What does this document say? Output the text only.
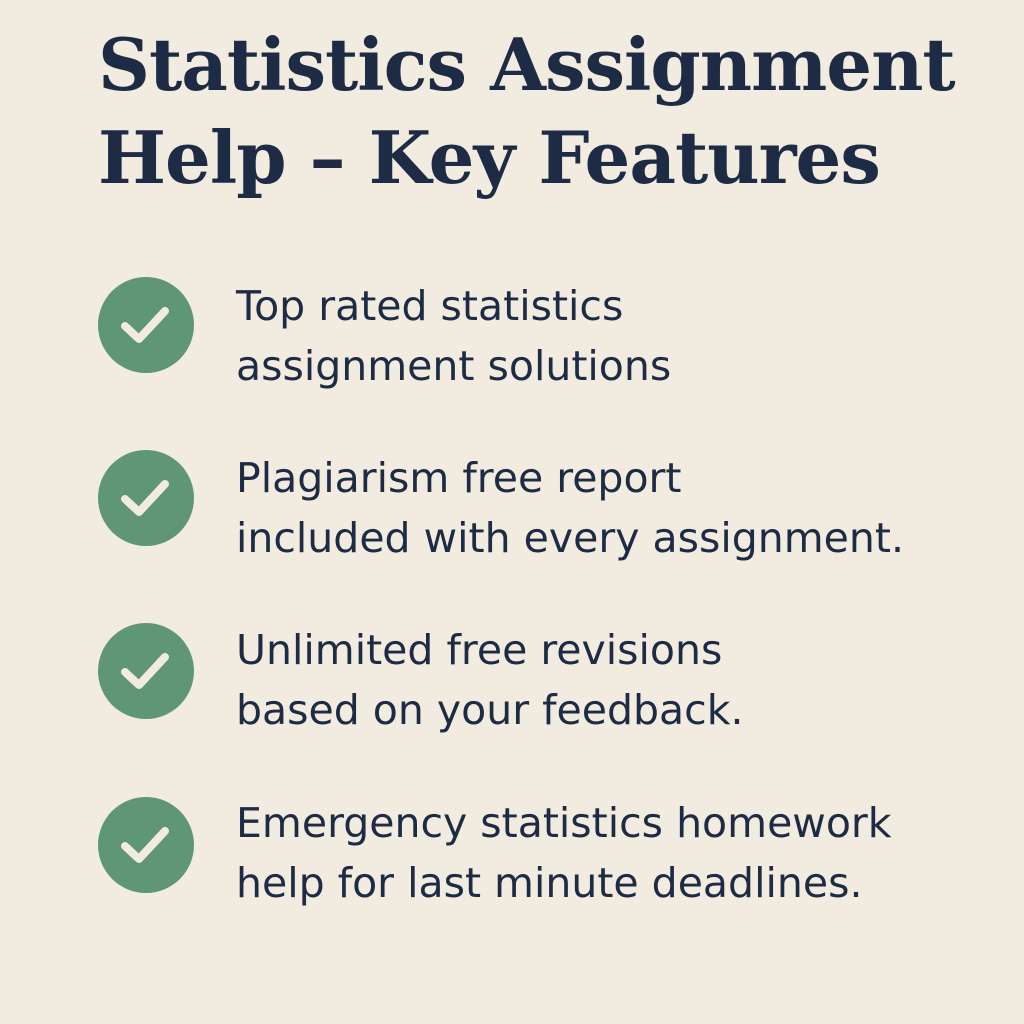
Statistics Assignment
Help – Key Features
Top rated statistics
assignment solutions
Plagiarism free report
included with every assignment.
Unlimited free revisions
based on your feedback.
Emergency statistics homework
help for last minute deadlines.
